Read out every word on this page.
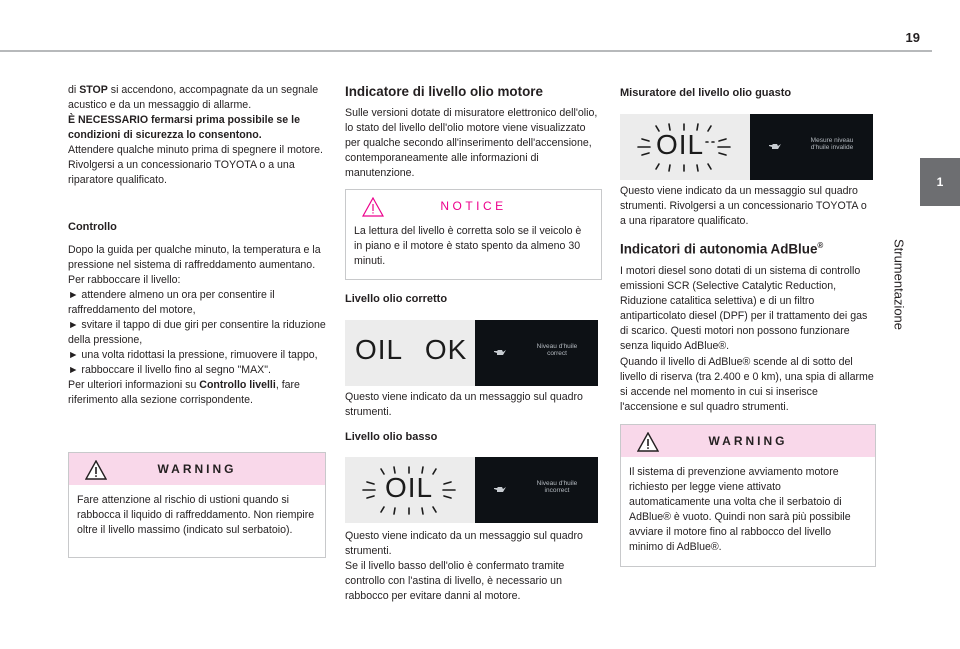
19
1
Strumentazione

di STOP si accendono, accompagnate da un segnale acustico e da un messaggio di allarme.
È NECESSARIO fermarsi prima possibile se le condizioni di sicurezza lo consentono.
Attendere qualche minuto prima di spegnere il motore.
Rivolgersi a un concessionario TOYOTA o a una riparatore qualificato.

Controllo

Dopo la guida per qualche minuto, la temperatura e la pressione nel sistema di raffreddamento aumentano.
Per rabboccare il livello:
► attendere almeno un ora per consentire il raffreddamento del motore,
► svitare il tappo di due giri per consentire la riduzione della pressione,
► una volta ridottasi la pressione, rimuovere il tappo,
► rabboccare il livello fino al segno "MAX".
Per ulteriori informazioni su Controllo livelli, fare riferimento alla sezione corrispondente.

WARNING
Fare attenzione al rischio di ustioni quando si rabbocca il liquido di raffreddamento. Non riempire oltre il livello massimo (indicato sul serbatoio).

Indicatore di livello olio motore

Sulle versioni dotate di misuratore elettronico dell'olio, lo stato del livello dell'olio motore viene visualizzato per qualche secondo all'inserimento dell'accensione, contemporaneamente alle informazioni di manutenzione.

NOTICE
La lettura del livello è corretta solo se il veicolo è in piano e il motore è stato spento da almeno 30 minuti.

Livello olio corretto

OIL OK	Niveau d'huile correct

Questo viene indicato da un messaggio sul quadro strumenti.

Livello olio basso

OIL	Niveau d'huile incorrect

Questo viene indicato da un messaggio sul quadro strumenti.
Se il livello basso dell'olio è confermato tramite controllo con l'astina di livello, è necessario un rabbocco per evitare danni al motore.

Misuratore del livello olio guasto

OIL	Mesure niveau d'huile invalide

Questo viene indicato da un messaggio sul quadro strumenti. Rivolgersi a un concessionario TOYOTA o a una riparatore qualificato.

Indicatori di autonomia AdBlue®

I motori diesel sono dotati di un sistema di controllo emissioni SCR (Selective Catalytic Reduction, Riduzione catalitica selettiva) e di un filtro antiparticolato diesel (DPF) per il trattamento dei gas di scarico. Questi motori non possono funzionare senza liquido AdBlue®.

Quando il livello di AdBlue® scende al di sotto del livello di riserva (tra 2.400 e 0 km), una spia di allarme si accende nel momento in cui si inserisce l'accensione e sul quadro strumenti.

WARNING
Il sistema di prevenzione avviamento motore richiesto per legge viene attivato automaticamente una volta che il serbatoio di AdBlue® è vuoto. Quindi non sarà più possibile avviare il motore fino al rabbocco del livello minimo di AdBlue®.
